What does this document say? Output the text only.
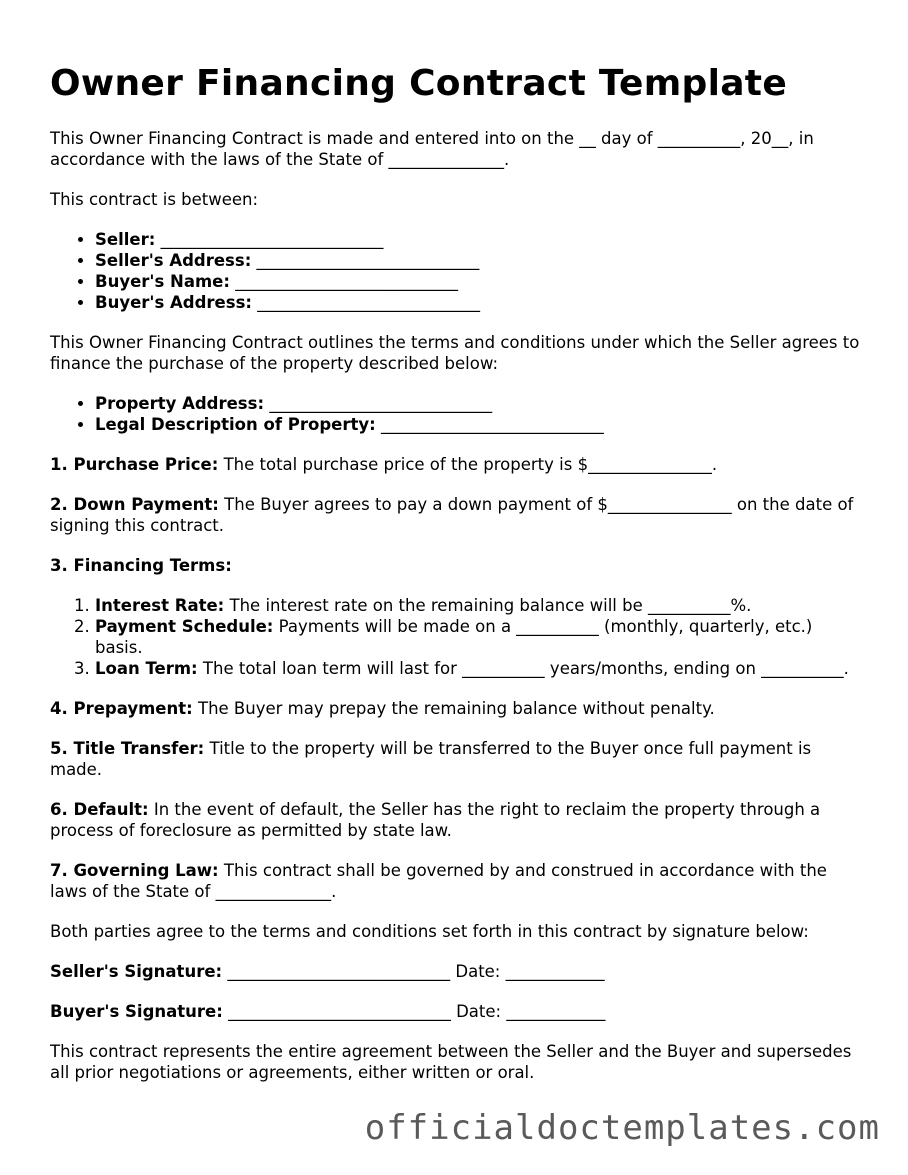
Owner Financing Contract Template

This Owner Financing Contract is made and entered into on the __ day of __________, 20__, in accordance with the laws of the State of ______________.

This contract is between:

• Seller: ___________________________
• Seller's Address: ___________________________
• Buyer's Name: ___________________________
• Buyer's Address: ___________________________

This Owner Financing Contract outlines the terms and conditions under which the Seller agrees to finance the purchase of the property described below:

• Property Address: ___________________________
• Legal Description of Property: ___________________________

1. Purchase Price: The total purchase price of the property is $_______________.

2. Down Payment: The Buyer agrees to pay a down payment of $_______________ on the date of signing this contract.

3. Financing Terms:

1. Interest Rate: The interest rate on the remaining balance will be __________%.
2. Payment Schedule: Payments will be made on a __________ (monthly, quarterly, etc.) basis.
3. Loan Term: The total loan term will last for __________ years/months, ending on __________.

4. Prepayment: The Buyer may prepay the remaining balance without penalty.

5. Title Transfer: Title to the property will be transferred to the Buyer once full payment is made.

6. Default: In the event of default, the Seller has the right to reclaim the property through a process of foreclosure as permitted by state law.

7. Governing Law: This contract shall be governed by and construed in accordance with the laws of the State of ______________.

Both parties agree to the terms and conditions set forth in this contract by signature below:

Seller's Signature: ___________________________ Date: ____________

Buyer's Signature: ___________________________ Date: ____________

This contract represents the entire agreement between the Seller and the Buyer and supersedes all prior negotiations or agreements, either written or oral.

officialdoctemplates.com
